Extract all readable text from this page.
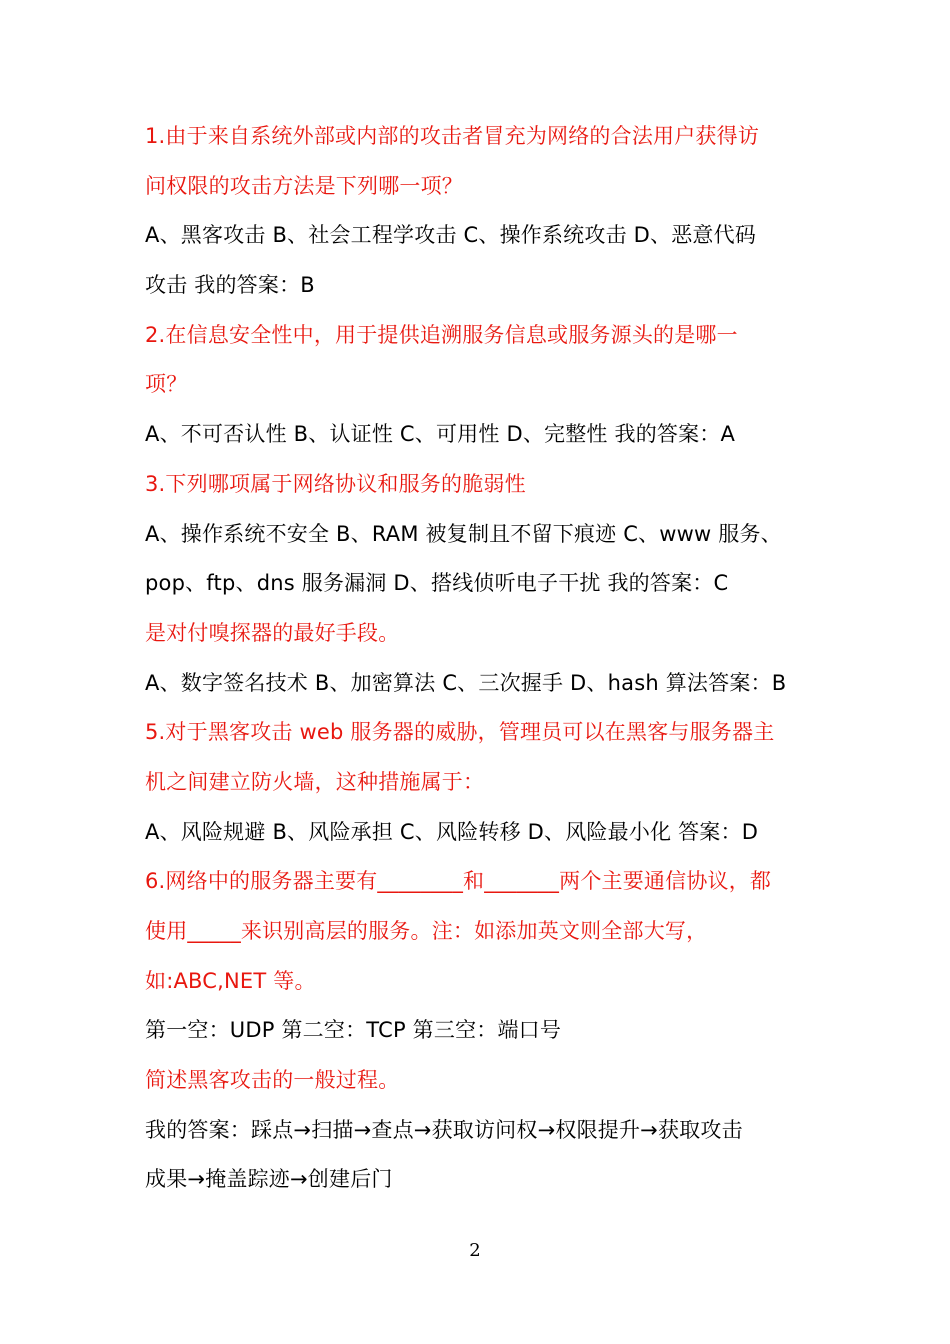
1.由于来自系统外部或内部的攻击者冒充为网络的合法用户获得访
问权限的攻击方法是下列哪一项？
A、黑客攻击 B、社会工程学攻击 C、操作系统攻击 D、恶意代码
攻击 我的答案：B
2.在信息安全性中，用于提供追溯服务信息或服务源头的是哪一
项？
A、不可否认性 B、认证性 C、可用性 D、完整性 我的答案：A
3.下列哪项属于网络协议和服务的脆弱性
A、操作系统不安全 B、RAM 被复制且不留下痕迹 C、www 服务、
pop、ftp、dns 服务漏洞 D、搭线侦听电子干扰 我的答案：C
是对付嗅探器的最好手段。
A、数字签名技术 B、加密算法 C、三次握手 D、hash 算法答案：B
5.对于黑客攻击 web 服务器的威胁，管理员可以在黑客与服务器主
机之间建立防火墙，这种措施属于：
A、风险规避 B、风险承担 C、风险转移 D、风险最小化 答案：D
6.网络中的服务器主要有________和_______两个主要通信协议，都
使用_____来识别高层的服务。注：如添加英文则全部大写，
如:ABC,NET 等。
第一空：UDP 第二空：TCP 第三空：端口号
简述黑客攻击的一般过程。
我的答案：踩点→扫描→查点→获取访问权→权限提升→获取攻击
成果→掩盖踪迹→创建后门
2
